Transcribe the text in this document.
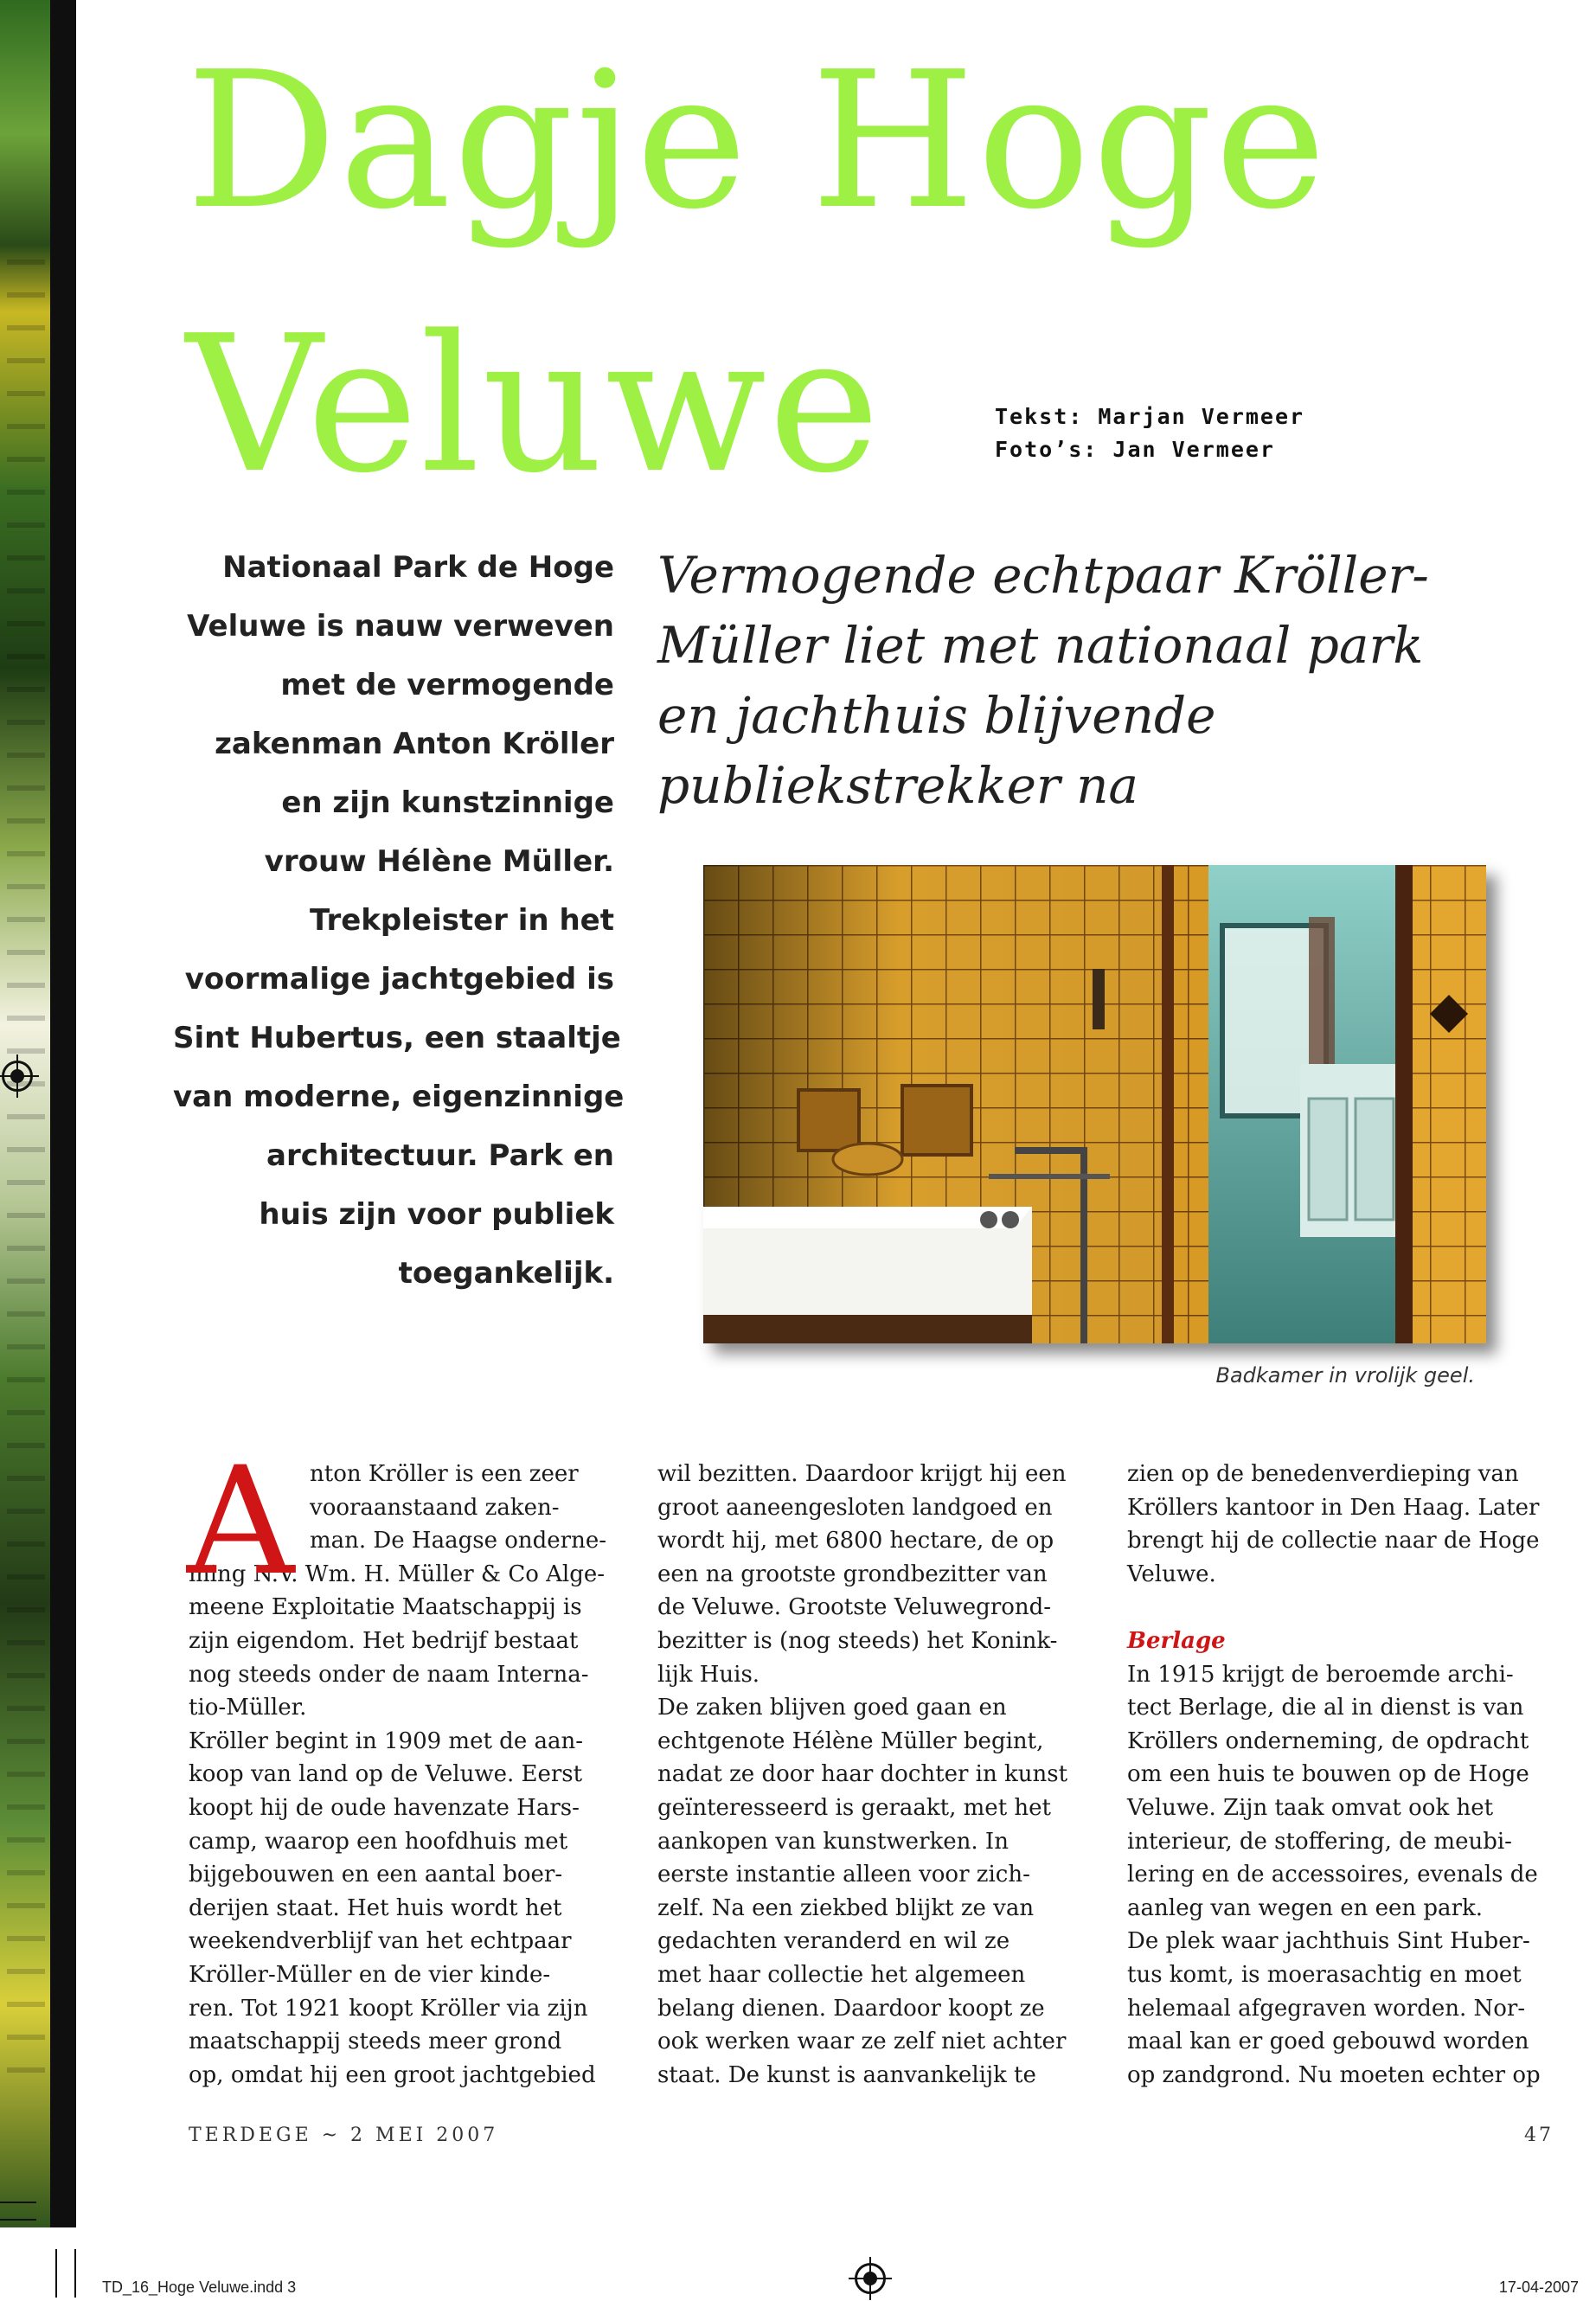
Dagje Hoge
Veluwe	Tekst: Marjan Vermeer
Foto’s: Jan Vermeer
Nationaal Park de Hoge
Veluwe is nauw verweven
met de vermogende
zakenman Anton Kröller
en zijn kunstzinnige
vrouw Hélène Müller.
Trekpleister in het
voormalige jachtgebied is
Sint Hubertus, een staaltje
van moderne, eigenzinnige
architectuur. Park en
huis zijn voor publiek
toegankelijk.
Vermogende echtpaar Kröller-
Müller liet met nationaal park
en jachthuis blijvende
publiekstrekker na
Badkamer in vrolijk geel.
A nton Kröller is een zeer
vooraanstaand zaken-
man. De Haagse onderne-
ming N.V. Wm. H. Müller & Co Alge-
meene Exploitatie Maatschappij is
zijn eigendom. Het bedrijf bestaat
nog steeds onder de naam Interna-
tio-Müller.
Kröller begint in 1909 met de aan-
koop van land op de Veluwe. Eerst
koopt hij de oude havenzate Hars-
camp, waarop een hoofdhuis met
bijgebouwen en een aantal boer-
derijen staat. Het huis wordt het
weekendverblijf van het echtpaar
Kröller-Müller en de vier kinde-
ren. Tot 1921 koopt Kröller via zijn
maatschappij steeds meer grond
op, omdat hij een groot jachtgebied

wil bezitten. Daardoor krijgt hij een
groot aaneengesloten landgoed en
wordt hij, met 6800 hectare, de op
een na grootste grondbezitter van
de Veluwe. Grootste Veluwegrond-
bezitter is (nog steeds) het Konink-
lijk Huis.
De zaken blijven goed gaan en
echtgenote Hélène Müller begint,
nadat ze door haar dochter in kunst
geïnteresseerd is geraakt, met het
aankopen van kunstwerken. In
eerste instantie alleen voor zich-
zelf. Na een ziekbed blijkt ze van
gedachten veranderd en wil ze
met haar collectie het algemeen
belang dienen. Daardoor koopt ze
ook werken waar ze zelf niet achter
staat. De kunst is aanvankelijk te

zien op de benedenverdieping van
Kröllers kantoor in Den Haag. Later
brengt hij de collectie naar de Hoge
Veluwe.

Berlage

In 1915 krijgt de beroemde archi-
tect Berlage, die al in dienst is van
Kröllers onderneming, de opdracht
om een huis te bouwen op de Hoge
Veluwe. Zijn taak omvat ook het
interieur, de stoffering, de meubi-
lering en de accessoires, evenals de
aanleg van wegen en een park.
De plek waar jachthuis Sint Huber-
tus komt, is moerasachtig en moet
helemaal afgegraven worden. Nor-
maal kan er goed gebouwd worden
op zandgrond. Nu moeten echter op

TERDEGE ~ 2 MEI 2007	47
TD_16_Hoge Veluwe.indd 3	17-04-2007
